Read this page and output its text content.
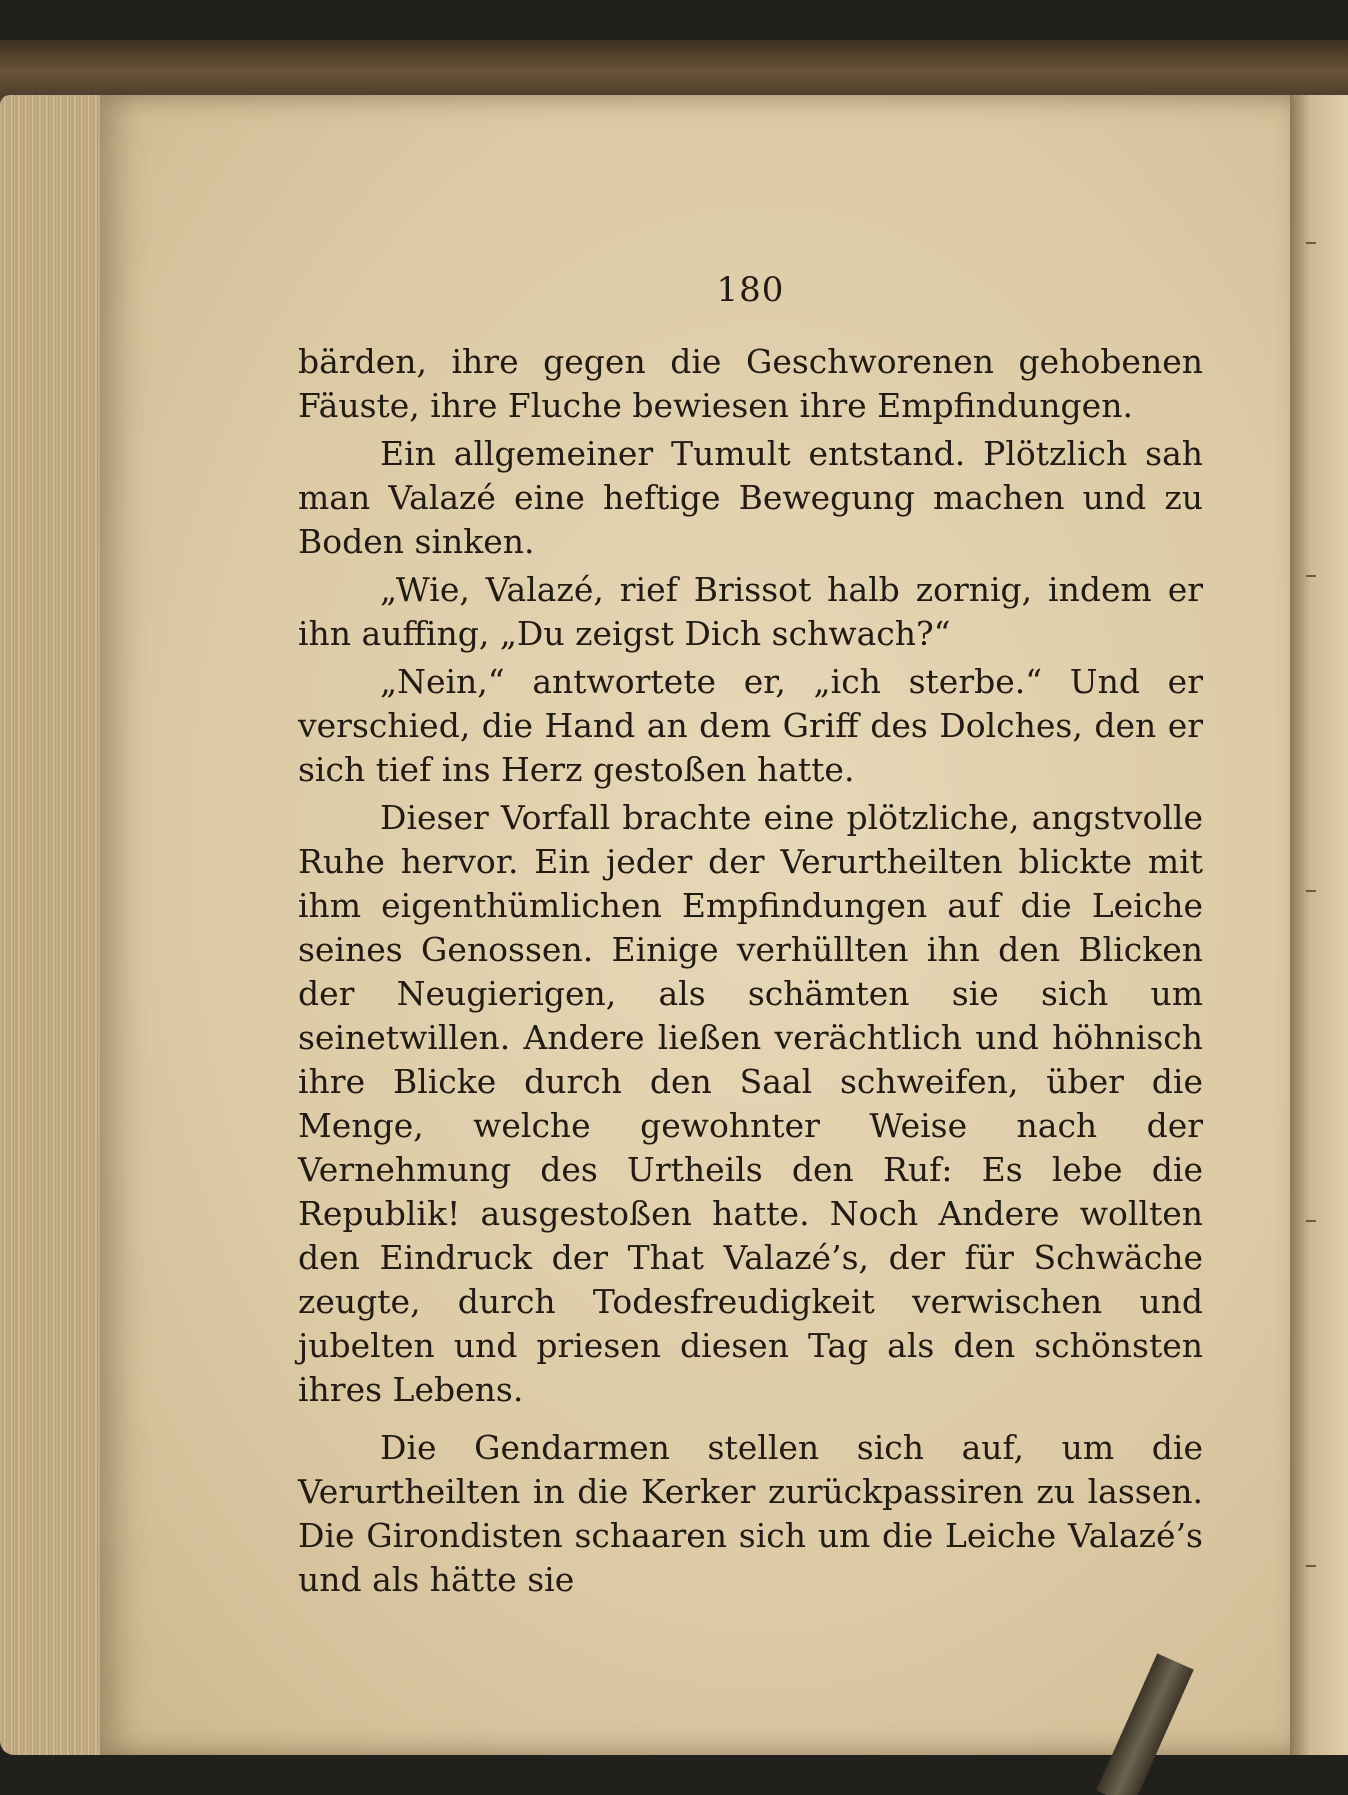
180

bärden, ihre gegen die Geschworenen gehobenen Fäuste, ihre Fluche bewiesen ihre Empfindungen.

Ein allgemeiner Tumult entstand. Plötzlich sah man Valazé eine heftige Bewegung machen und zu Boden sinken.

„Wie, Valazé, rief Brissot halb zornig, indem er ihn auffing, „Du zeigst Dich schwach?“

„Nein,“ antwortete er, „ich sterbe.“ Und er verschied, die Hand an dem Griff des Dolches, den er sich tief ins Herz gestoßen hatte.

Dieser Vorfall brachte eine plötzliche, angstvolle Ruhe hervor. Ein jeder der Verurtheilten blickte mit ihm eigenthümlichen Empfindungen auf die Leiche seines Genossen. Einige verhüllten ihn den Blicken der Neugierigen, als schämten sie sich um seinetwillen. Andere ließen verächtlich und höhnisch ihre Blicke durch den Saal schweifen, über die Menge, welche gewohnter Weise nach der Vernehmung des Urtheils den Ruf: Es lebe die Republik! ausgestoßen hatte. Noch Andere wollten den Eindruck der That Valazé’s, der für Schwäche zeugte, durch Todesfreudigkeit verwischen und jubelten und priesen diesen Tag als den schönsten ihres Lebens.

Die Gendarmen stellen sich auf, um die Verurtheilten in die Kerker zurückpassiren zu lassen. Die Girondisten schaaren sich um die Leiche Valazé’s und als hätte sie
